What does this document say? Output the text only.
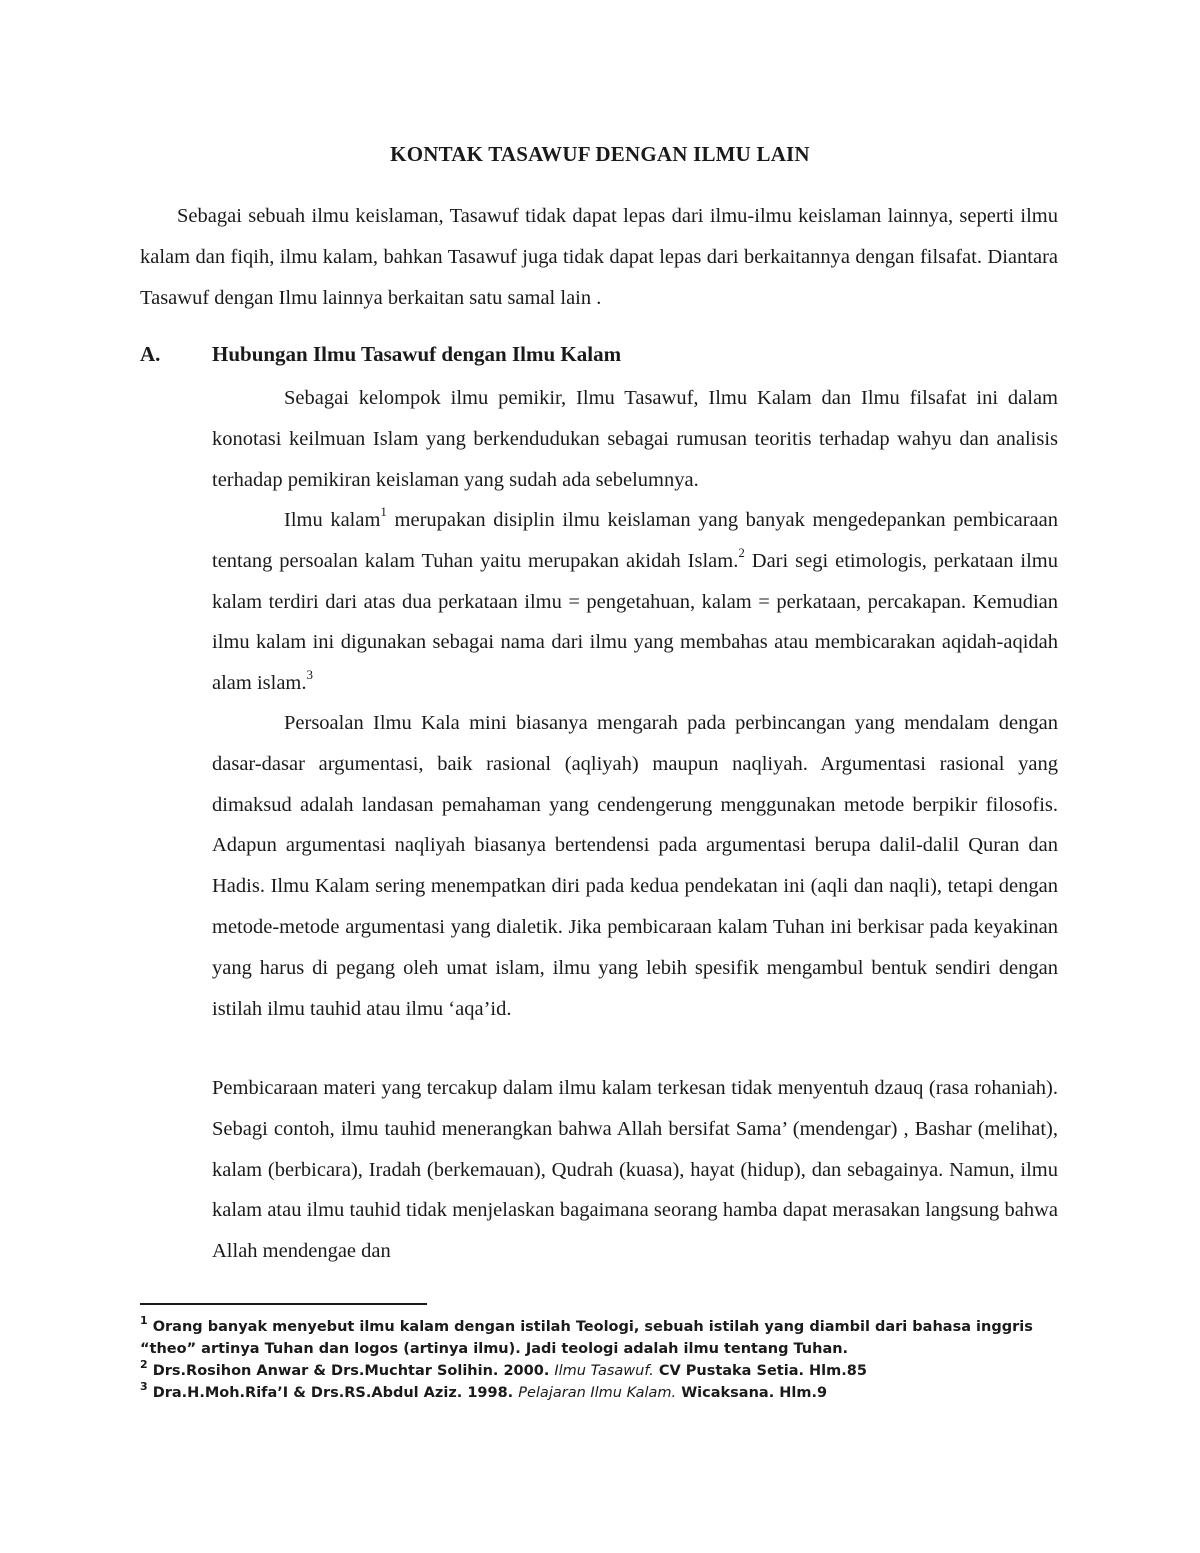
KONTAK TASAWUF DENGAN ILMU LAIN

Sebagai sebuah ilmu keislaman, Tasawuf tidak dapat lepas dari ilmu-ilmu keislaman lainnya, seperti ilmu kalam dan fiqih, ilmu kalam, bahkan Tasawuf juga tidak dapat lepas dari berkaitannya dengan filsafat. Diantara Tasawuf dengan Ilmu lainnya berkaitan satu samal lain .

A. Hubungan Ilmu Tasawuf dengan Ilmu Kalam

Sebagai kelompok ilmu pemikir, Ilmu Tasawuf, Ilmu Kalam dan Ilmu filsafat ini dalam konotasi keilmuan Islam yang berkendudukan sebagai rumusan teoritis terhadap wahyu dan analisis terhadap pemikiran keislaman yang sudah ada sebelumnya.

Ilmu kalam$^1$ merupakan disiplin ilmu keislaman yang banyak mengedepankan pembicaraan tentang persoalan kalam Tuhan yaitu merupakan akidah Islam.$^2$ Dari segi etimologis, perkataan ilmu kalam terdiri dari atas dua perkataan ilmu = pengetahuan, kalam = perkataan, percakapan. Kemudian ilmu kalam ini digunakan sebagai nama dari ilmu yang membahas atau membicarakan aqidah-aqidah alam islam.$^3$

Persoalan Ilmu Kala mini biasanya mengarah pada perbincangan yang mendalam dengan dasar-dasar argumentasi, baik rasional (aqliyah) maupun naqliyah. Argumentasi rasional yang dimaksud adalah landasan pemahaman yang cendengerung menggunakan metode berpikir filosofis. Adapun argumentasi naqliyah biasanya bertendensi pada argumentasi berupa dalil-dalil Quran dan Hadis. Ilmu Kalam sering menempatkan diri pada kedua pendekatan ini (aqli dan naqli), tetapi dengan metode-metode argumentasi yang dialetik. Jika pembicaraan kalam Tuhan ini berkisar pada keyakinan yang harus di pegang oleh umat islam, ilmu yang lebih spesifik mengambul bentuk sendiri dengan istilah ilmu tauhid atau ilmu ‘aqa’id.

Pembicaraan materi yang tercakup dalam ilmu kalam terkesan tidak menyentuh dzauq (rasa rohaniah). Sebagi contoh, ilmu tauhid menerangkan bahwa Allah bersifat Sama’ (mendengar) , Bashar (melihat), kalam (berbicara), Iradah (berkemauan), Qudrah (kuasa), hayat (hidup), dan sebagainya. Namun, ilmu kalam atau ilmu tauhid tidak menjelaskan bagaimana seorang hamba dapat merasakan langsung bahwa Allah mendengae dan

$^1$ Orang banyak menyebut ilmu kalam dengan istilah Teologi, sebuah istilah yang diambil dari bahasa inggris “theo” artinya Tuhan dan logos (artinya ilmu). Jadi teologi adalah ilmu tentang Tuhan.

$^2$ Drs.Rosihon Anwar & Drs.Muchtar Solihin. 2000. Ilmu Tasawuf. CV Pustaka Setia. Hlm.85

$^3$ Dra.H.Moh.Rifa’I & Drs.RS.Abdul Aziz. 1998. Pelajaran Ilmu Kalam. Wicaksana. Hlm.9
